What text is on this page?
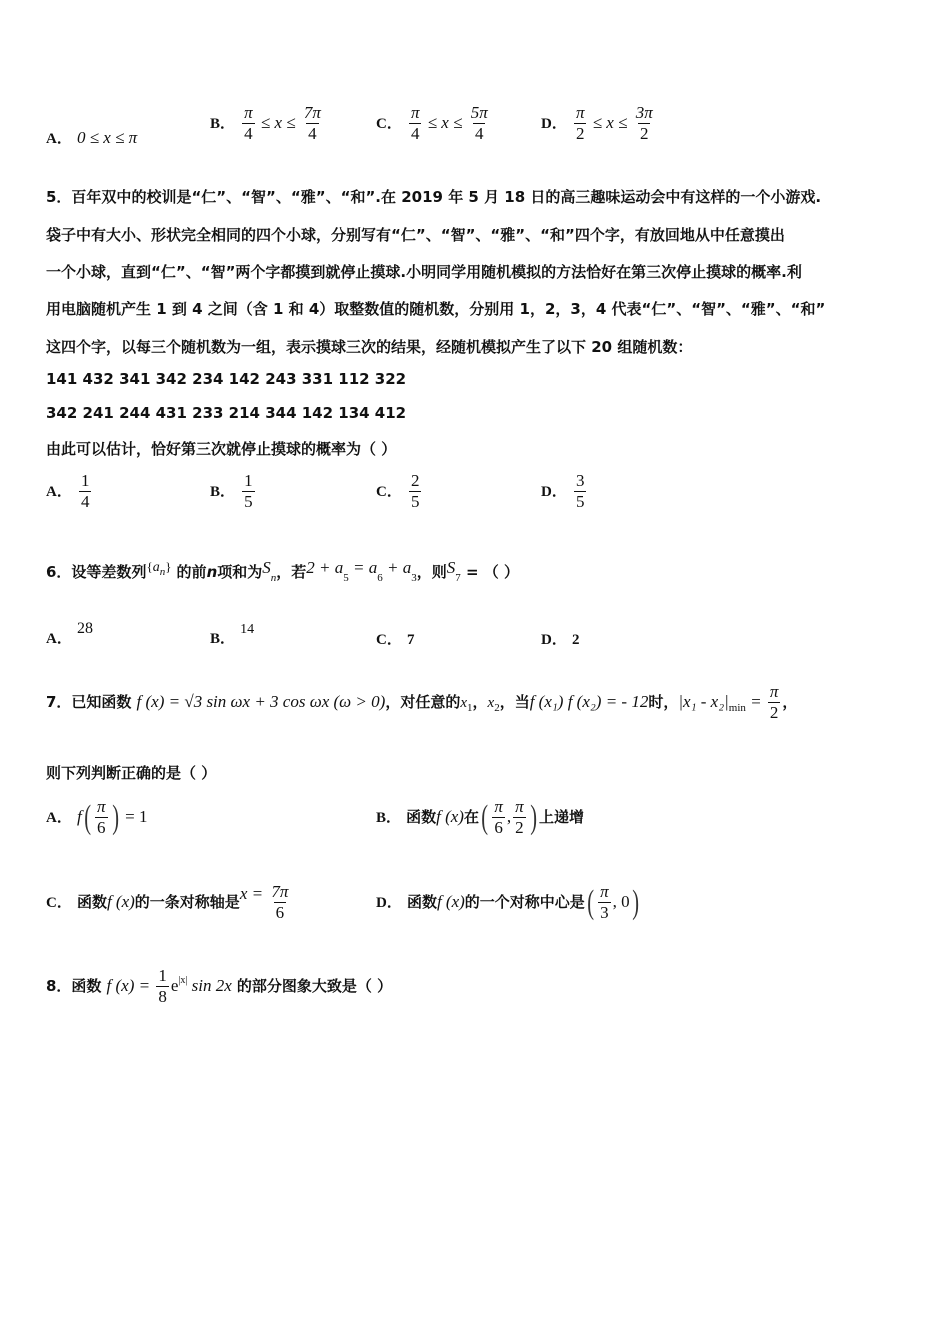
A． 0 ≤ x ≤ π
B． $\frac{\pi}{4} \le x \le \frac{7\pi}{4}$	C． $\frac{\pi}{4} \le x \le \frac{5\pi}{4}$	D． $\frac{\pi}{2} \le x \le \frac{3\pi}{2}$
5．百年双中的校训是“仁”、“智”、“雅”、“和”.在 2019 年 5 月 18 日的高三趣味运动会中有这样的一个小游戏.
袋子中有大小、形状完全相同的四个小球，分别写有“仁”、“智”、“雅”、“和”四个字，有放回地从中任意摸出
一个小球，直到“仁”、“智”两个字都摸到就停止摸球.小明同学用随机模拟的方法恰好在第三次停止摸球的概率.利
用电脑随机产生 1 到 4 之间（含 1 和 4）取整数值的随机数，分别用 1，2，3，4 代表“仁”、“智”、“雅”、“和”
这四个字，以每三个随机数为一组，表示摸球三次的结果，经随机模拟产生了以下 20 组随机数：
141 432 341 342 234 142 243 331 112 322
342 241 244 431 233 214 344 142 134 412
由此可以估计，恰好第三次就停止摸球的概率为（ ）
A． $\frac{1}{4}$	B． $\frac{1}{5}$	C． $\frac{2}{5}$	D． $\frac{3}{5}$
6．设等差数列{an} 的前n项和为$S_n$，若$2 + a_5 = a_6 + a_3$，则$S_7$ = （ ）
A． 28
B． 14
C． 7	D． 2
7．已知函数 f (x) = √3 sin ωx + 3 cos ωx (ω > 0)，对任意的$x_1$，$x_2$，当f (x₁) f (x₂) = - 12时，$|x_1 - x_2|_{min} = \frac{\pi}{2}$ ，
则下列判断正确的是（ ）
A． $f( \frac{\pi}{6}$ ) = 1	B． 函数f (x)在( $\frac{\pi}{6}$ , $\frac{\pi}{2}$ ) 上递增
C． 函数f (x)的一条对称轴是$x = \frac{7\pi}{6}$	D． 函数f (x)的一个对称中心是( $\frac{\pi}{3}$ , 0)
8．函数 f $(x) = \frac{1}{8} e^{|x|}$ sin 2x 的部分图象大致是（ ）
